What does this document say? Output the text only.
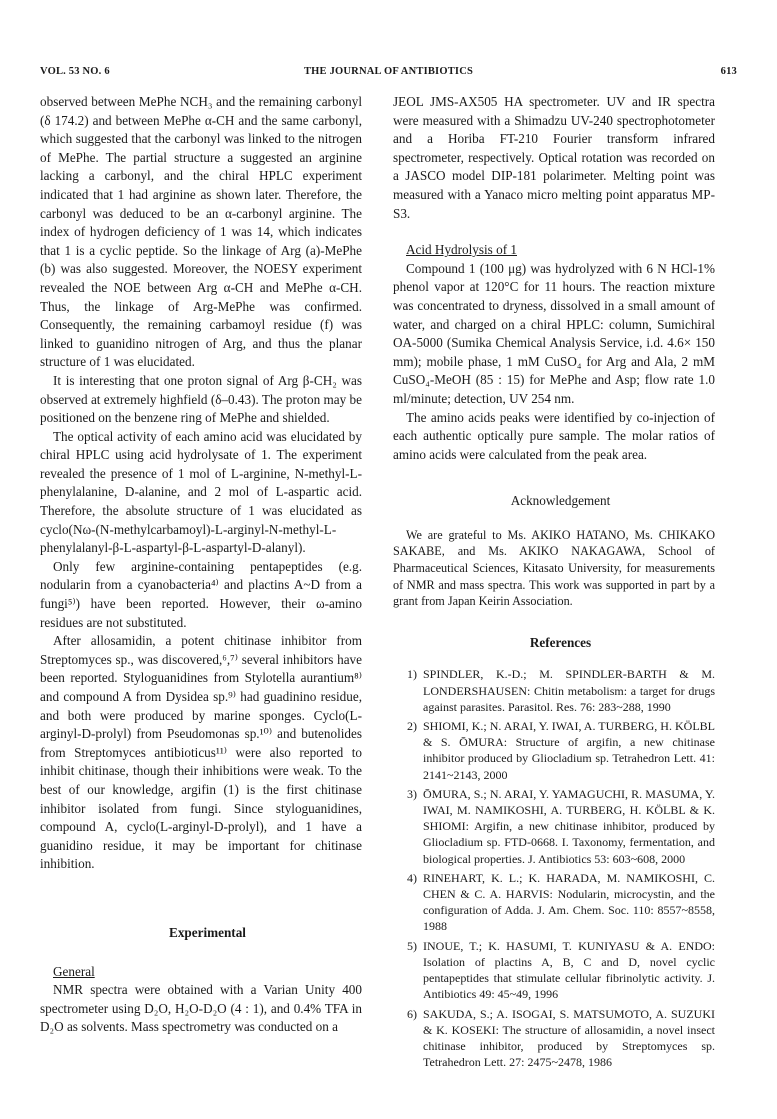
VOL. 53 NO. 6	THE JOURNAL OF ANTIBIOTICS	613

observed between MePhe NCH₃ and the remaining carbonyl (δ 174.2) and between MePhe α-CH and the same carbonyl, which suggested that the carbonyl was linked to the nitrogen of MePhe. The partial structure a suggested an arginine lacking a carbonyl, and the chiral HPLC experiment indicated that 1 had arginine as shown later. Therefore, the carbonyl was deduced to be an α-carbonyl arginine. The index of hydrogen deficiency of 1 was 14, which indicates that 1 is a cyclic peptide. So the linkage of Arg (a)-MePhe (b) was also suggested. Moreover, the NOESY experiment revealed the NOE between Arg α-CH and MePhe α-CH. Thus, the linkage of Arg-MePhe was confirmed. Consequently, the remaining carbamoyl residue (f) was linked to guanidino nitrogen of Arg, and thus the planar structure of 1 was elucidated.

It is interesting that one proton signal of Arg β-CH₂ was observed at extremely highfield (δ–0.43). The proton may be positioned on the benzene ring of MePhe and shielded.

The optical activity of each amino acid was elucidated by chiral HPLC using acid hydrolysate of 1. The experiment revealed the presence of 1 mol of L-arginine, N-methyl-L-phenylalanine, D-alanine, and 2 mol of L-aspartic acid. Therefore, the absolute structure of 1 was elucidated as cyclo(Nω-(N-methylcarbamoyl)-L-arginyl-N-methyl-L-phenylalanyl-β-L-aspartyl-β-L-aspartyl-D-alanyl).

Only few arginine-containing pentapeptides (e.g. nodularin from a cyanobacteria⁴⁾ and plactins A~D from a fungi⁵⁾) have been reported. However, their ω-amino residues are not substituted.

After allosamidin, a potent chitinase inhibitor from Streptomyces sp., was discovered,⁶,⁷⁾ several inhibitors have been reported. Styloguanidines from Stylotella aurantium⁸⁾ and compound A from Dysidea sp.⁹⁾ had guadinino residue, and both were produced by marine sponges. Cyclo(L-arginyl-D-prolyl) from Pseudomonas sp.¹⁰⁾ and butenolides from Streptomyces antibioticus¹¹⁾ were also reported to inhibit chitinase, though their inhibitions were weak. To the best of our knowledge, argifin (1) is the first chitinase inhibitor isolated from fungi. Since styloguanidines, compound A, cyclo(L-arginyl-D-prolyl), and 1 have a guanidino residue, it may be important for chitinase inhibition.

Experimental

General

NMR spectra were obtained with a Varian Unity 400 spectrometer using D₂O, H₂O-D₂O (4 : 1), and 0.4% TFA in D₂O as solvents. Mass spectrometry was conducted on a

JEOL JMS-AX505 HA spectrometer. UV and IR spectra were measured with a Shimadzu UV-240 spectrophotometer and a Horiba FT-210 Fourier transform infrared spectrometer, respectively. Optical rotation was recorded on a JASCO model DIP-181 polarimeter. Melting point was measured with a Yanaco micro melting point apparatus MP-S3.

Acid Hydrolysis of 1

Compound 1 (100 μg) was hydrolyzed with 6 N HCl-1% phenol vapor at 120°C for 11 hours. The reaction mixture was concentrated to dryness, dissolved in a small amount of water, and charged on a chiral HPLC: column, Sumichiral OA-5000 (Sumika Chemical Analysis Service, i.d. 4.6× 150 mm); mobile phase, 1 mM CuSO₄ for Arg and Ala, 2 mM CuSO₄-MeOH (85 : 15) for MePhe and Asp; flow rate 1.0 ml/minute; detection, UV 254 nm.

The amino acids peaks were identified by co-injection of each authentic optically pure sample. The molar ratios of amino acids were calculated from the peak area.

Acknowledgement

We are grateful to Ms. AKIKO HATANO, Ms. CHIKAKO SAKABE, and Ms. AKIKO NAKAGAWA, School of Pharmaceutical Sciences, Kitasato University, for measurements of NMR and mass spectra. This work was supported in part by a grant from Japan Keirin Association.

References

1) SPINDLER, K.-D.; M. SPINDLER-BARTH & M. LONDERSHAUSEN: Chitin metabolism: a target for drugs against parasites. Parasitol. Res. 76: 283~288, 1990
2) SHIOMI, K.; N. ARAI, Y. IWAI, A. TURBERG, H. KÖLBL & S. ŌMURA: Structure of argifin, a new chitinase inhibitor produced by Gliocladium sp. Tetrahedron Lett. 41: 2141~2143, 2000
3) ŌMURA, S.; N. ARAI, Y. YAMAGUCHI, R. MASUMA, Y. IWAI, M. NAMIKOSHI, A. TURBERG, H. KÖLBL & K. SHIOMI: Argifin, a new chitinase inhibitor, produced by Gliocladium sp. FTD-0668. I. Taxonomy, fermentation, and biological properties. J. Antibiotics 53: 603~608, 2000
4) RINEHART, K. L.; K. HARADA, M. NAMIKOSHI, C. CHEN & C. A. HARVIS: Nodularin, microcystin, and the configuration of Adda. J. Am. Chem. Soc. 110: 8557~8558, 1988
5) INOUE, T.; K. HASUMI, T. KUNIYASU & A. ENDO: Isolation of plactins A, B, C and D, novel cyclic pentapeptides that stimulate cellular fibrinolytic activity. J. Antibiotics 49: 45~49, 1996
6) SAKUDA, S.; A. ISOGAI, S. MATSUMOTO, A. SUZUKI & K. KOSEKI: The structure of allosamidin, a novel insect chitinase inhibitor, produced by Streptomyces sp. Tetrahedron Lett. 27: 2475~2478, 1986
